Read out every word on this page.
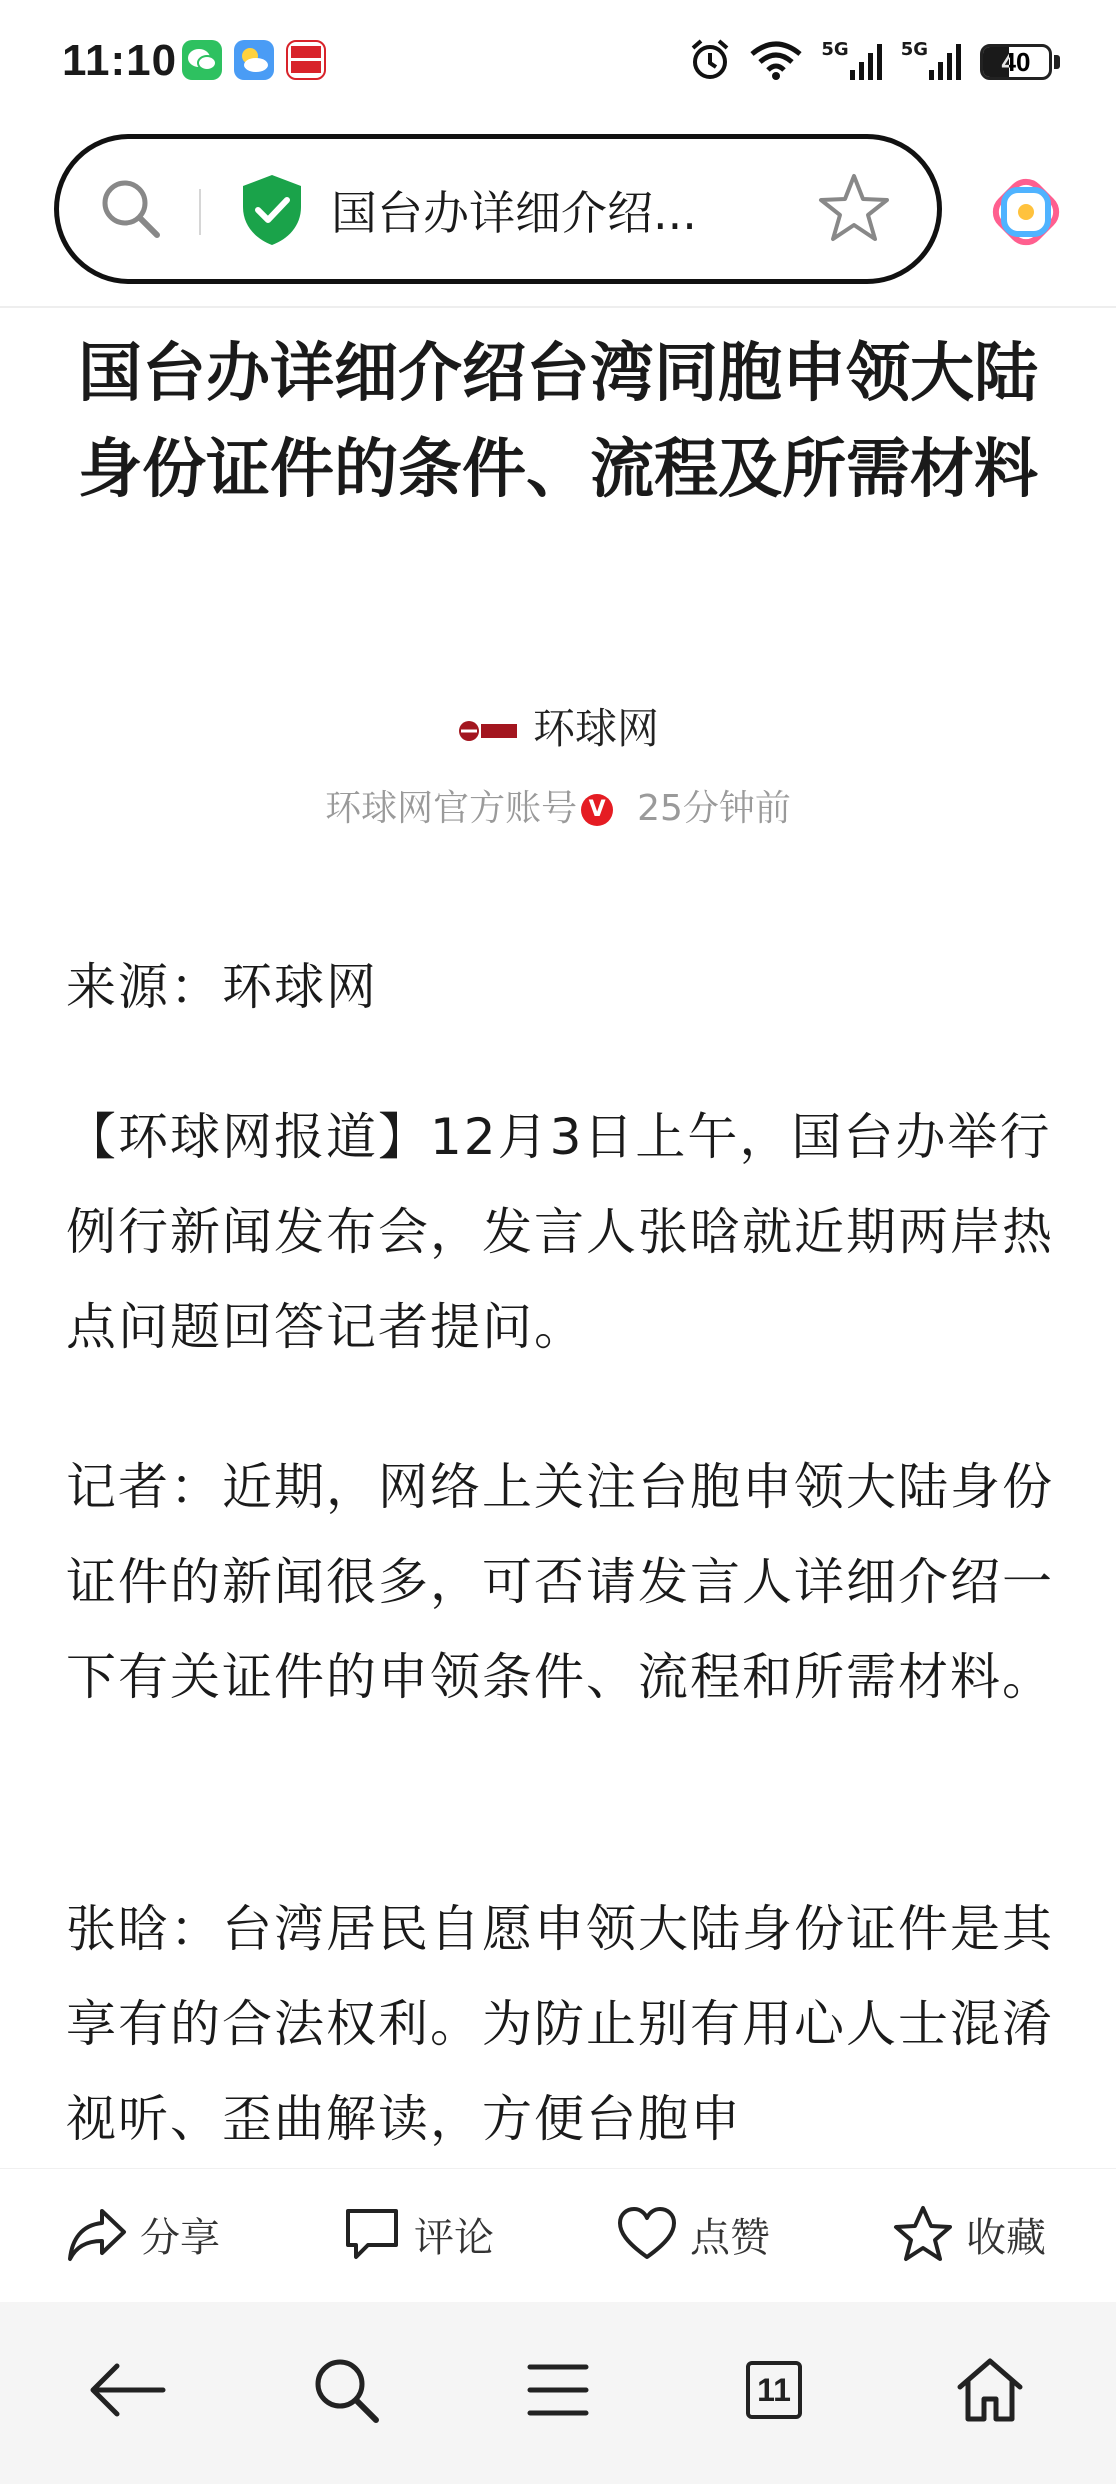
11:10	5G	5G	40
国台办详细介绍...
国台办详细介绍台湾同胞申领大陆身份证件的条件、流程及所需材料
环球网
环球网官方账号 V 25分钟前

来源：环球网

【环球网报道】12月3日上午，国台办举行例行新闻发布会，发言人张晗就近期两岸热点问题回答记者提问。

记者：近期，网络上关注台胞申领大陆身份证件的新闻很多，可否请发言人详细介绍一下有关证件的申领条件、流程和所需材料。

张晗：台湾居民自愿申领大陆身份证件是其享有的合法权利。为防止别有用心人士混淆视听、歪曲解读，方便台胞申

分享	评论	点赞	收藏
11
